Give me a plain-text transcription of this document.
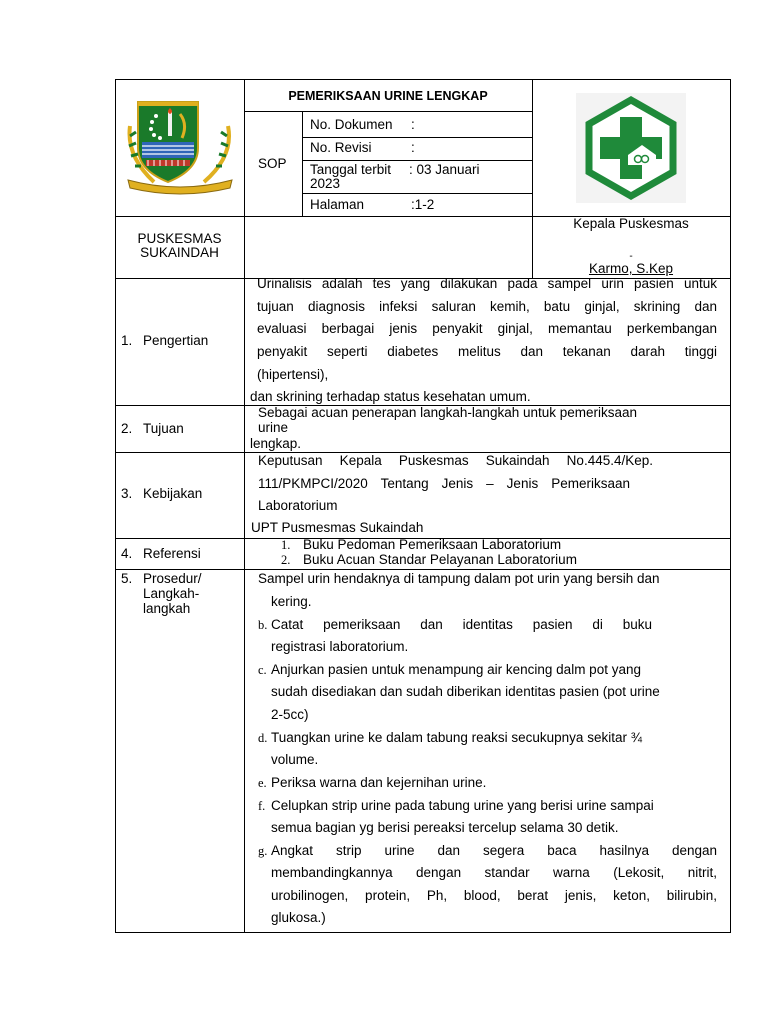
PEMERIKSAAN URINE LENGKAP
SOP
No. Dokumen :
No. Revisi	:
Tanggal terbit : 03 Januari
2023
Halaman	:1-2
PUSKESMAS
SUKAINDAH
Kepala Puskesmas
-
Karmo, S.Kep
1. Pengertian
Urinalisis adalah tes yang dilakukan pada sampel urin pasien untuk
tujuan diagnosis infeksi saluran kemih, batu ginjal, skrining dan
evaluasi berbagai jenis penyakit ginjal, memantau perkembangan
penyakit seperti diabetes melitus dan tekanan darah tinggi
(hipertensi),
dan skrining terhadap status kesehatan umum.
2. Tujuan
Sebagai acuan penerapan langkah-langkah untuk pemeriksaan
urine
lengkap.
3. Kebijakan
Keputusan Kepala Puskesmas Sukaindah No.445.4/Kep.
111/PKMPCI/2020 Tentang Jenis – Jenis Pemeriksaan
Laboratorium
UPT Pusmesmas Sukaindah
4. Referensi
1. Buku Pedoman Pemeriksaan Laboratorium
2. Buku Acuan Standar Pelayanan Laboratorium
5. Prosedur/
Langkah-
langkah
Sampel urin hendaknya di tampung dalam pot urin yang bersih dan
kering.
b. Catat pemeriksaan dan identitas pasien di buku
registrasi laboratorium.
c. Anjurkan pasien untuk menampung air kencing dalm pot yang
sudah disediakan dan sudah diberikan identitas pasien (pot urine
2-5cc)
d. Tuangkan urine ke dalam tabung reaksi secukupnya sekitar ¾
volume.
e. Periksa warna dan kejernihan urine.
f. Celupkan strip urine pada tabung urine yang berisi urine sampai
semua bagian yg berisi pereaksi tercelup selama 30 detik.
g. Angkat strip urine dan segera baca hasilnya dengan
membandingkannya dengan standar warna (Lekosit, nitrit,
urobilinogen, protein, Ph, blood, berat jenis, keton, bilirubin,
glukosa.)
